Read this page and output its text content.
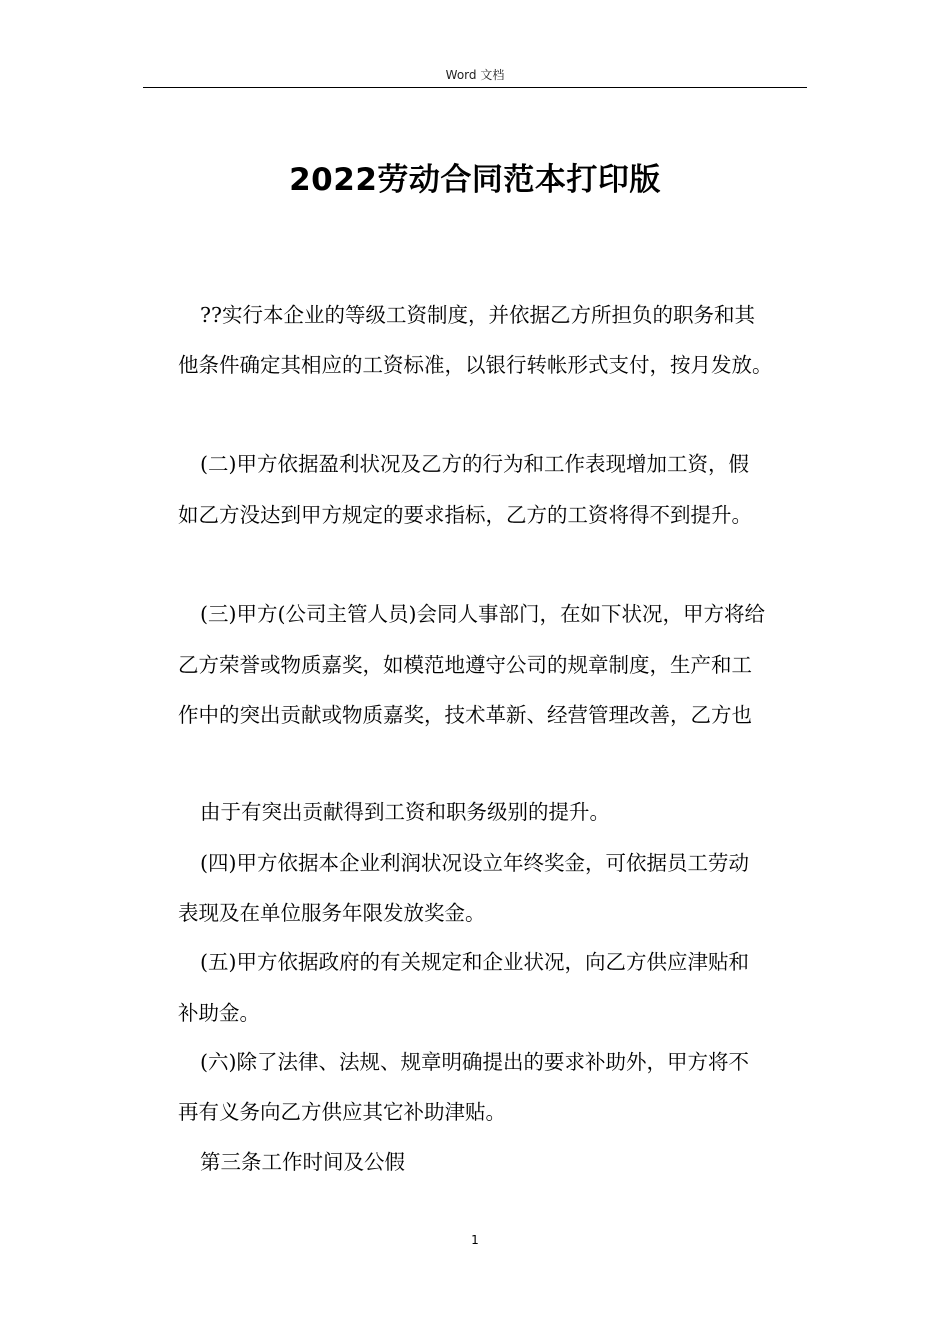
Word 文档
2022劳动合同范本打印版
??实行本企业的等级工资制度，并依据乙方所担负的职务和其
他条件确定其相应的工资标准，以银行转帐形式支付，按月发放。
(二)甲方依据盈利状况及乙方的行为和工作表现增加工资，假
如乙方没达到甲方规定的要求指标，乙方的工资将得不到提升。
(三)甲方(公司主管人员)会同人事部门，在如下状况，甲方将给
乙方荣誉或物质嘉奖，如模范地遵守公司的规章制度，生产和工
作中的突出贡献或物质嘉奖，技术革新、经营管理改善，乙方也
由于有突出贡献得到工资和职务级别的提升。
(四)甲方依据本企业利润状况设立年终奖金，可依据员工劳动
表现及在单位服务年限发放奖金。
(五)甲方依据政府的有关规定和企业状况，向乙方供应津贴和
补助金。
(六)除了法律、法规、规章明确提出的要求补助外，甲方将不
再有义务向乙方供应其它补助津贴。
第三条工作时间及公假
1
